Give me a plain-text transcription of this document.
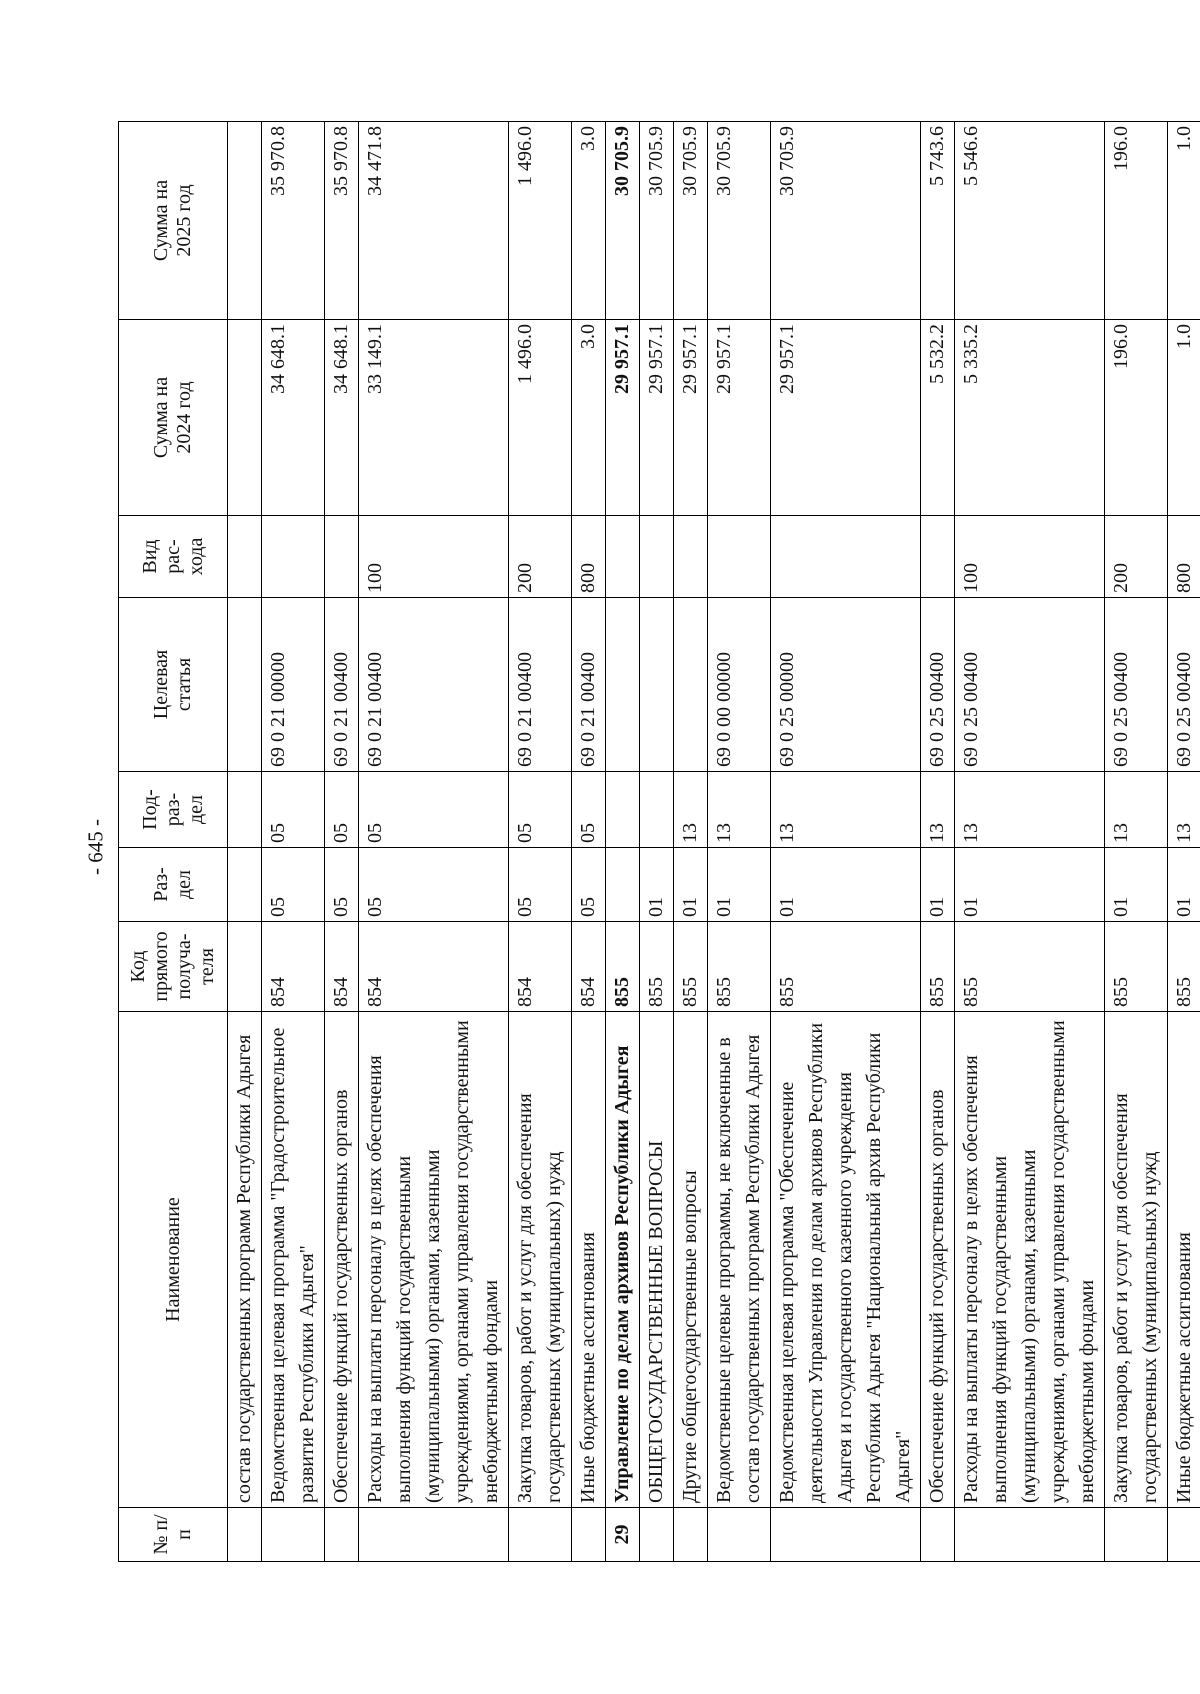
- 645 -
№ п/п	Наименование	Код прямого получа- теля	Раз- дел	Под- раз- дел	Целевая статья	Вид рас- хода	Сумма на 2024 год	Сумма на 2025 год

	состав государственных программ Республики Адыгея							
	Ведомственная целевая программа "Градостроительное развитие Республики Адыгея"	854	05	05	69 0 21 00000		34 648.1	35 970.8
	Обеспечение функций государственных органов	854	05	05	69 0 21 00400		34 648.1	35 970.8
	Расходы на выплаты персоналу в целях обеспечения выполнения функций государственными (муниципальными) органами, казенными учреждениями, органами управления государственными внебюджетными фондами	854	05	05	69 0 21 00400	100	33 149.1	34 471.8
	Закупка товаров, работ и услуг для обеспечения государственных (муниципальных) нужд	854	05	05	69 0 21 00400	200	1 496.0	1 496.0
	Иные бюджетные ассигнования	854	05	05	69 0 21 00400	800	3.0	3.0
29	Управление по делам архивов Республики Адыгея	855					29 957.1	30 705.9
	ОБЩЕГОСУДАРСТВЕННЫЕ ВОПРОСЫ	855	01				29 957.1	30 705.9
	Другие общегосударственные вопросы	855	01	13			29 957.1	30 705.9
	Ведомственные целевые программы, не включенные в состав государственных программ Республики Адыгея	855	01	13	69 0 00 00000		29 957.1	30 705.9
	Ведомственная целевая программа "Обеспечение деятельности Управления по делам архивов Республики Адыгея и государственного казенного учреждения Республики Адыгея "Национальный архив Республики Адыгея"	855	01	13	69 0 25 00000		29 957.1	30 705.9
	Обеспечение функций государственных органов	855	01	13	69 0 25 00400		5 532.2	5 743.6
	Расходы на выплаты персоналу в целях обеспечения выполнения функций государственными (муниципальными) органами, казенными учреждениями, органами управления государственными внебюджетными фондами	855	01	13	69 0 25 00400	100	5 335.2	5 546.6
	Закупка товаров, работ и услуг для обеспечения государственных (муниципальных) нужд	855	01	13	69 0 25 00400	200	196.0	196.0
	Иные бюджетные ассигнования	855	01	13	69 0 25 00400	800	1.0	1.0
